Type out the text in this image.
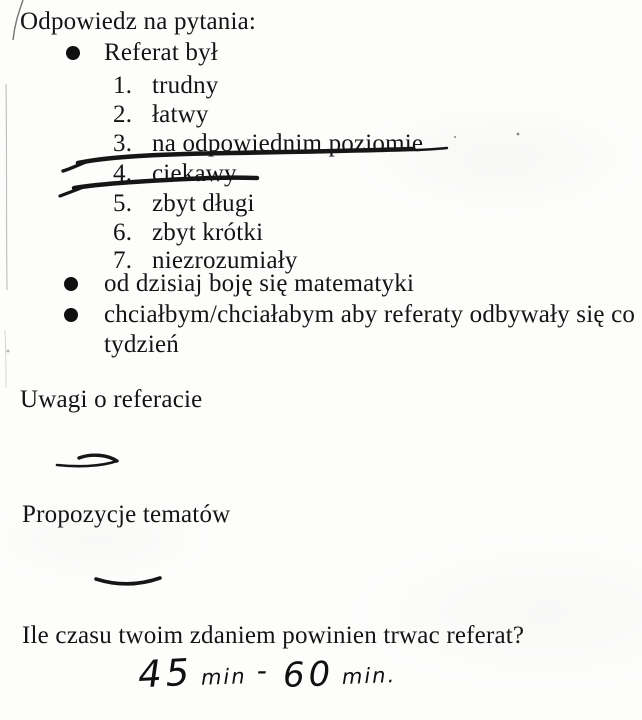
Odpowiedz na pytania:
Referat był
1. trudny
2. łatwy
3. na odpowiednim poziomie
4. ciekawy
5. zbyt długi
6. zbyt krótki
7. niezrozumiały
od dzisiaj boję się matematyki
chciałbym/chciałabym aby referaty odbywały się co
tydzień
Uwagi o referacie
Propozycje tematów
Ile czasu twoim zdaniem powinien trwac referat?
45 min - 60 min.
